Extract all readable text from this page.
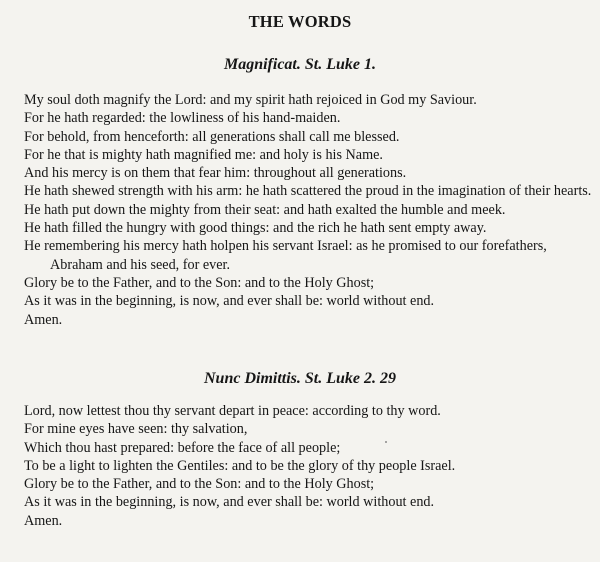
THE WORDS
Magnificat. St. Luke 1.
My soul doth magnify the Lord: and my spirit hath rejoiced in God my Saviour.
For he hath regarded: the lowliness of his hand-maiden.
For behold, from henceforth: all generations shall call me blessed.
For he that is mighty hath magnified me: and holy is his Name.
And his mercy is on them that fear him: throughout all generations.
He hath shewed strength with his arm: he hath scattered the proud in the imagination of their hearts.
He hath put down the mighty from their seat: and hath exalted the humble and meek.
He hath filled the hungry with good things: and the rich he hath sent empty away.
He remembering his mercy hath holpen his servant Israel: as he promised to our forefathers, Abraham and his seed, for ever.
Glory be to the Father, and to the Son: and to the Holy Ghost;
As it was in the beginning, is now, and ever shall be: world without end.
Amen.
Nunc Dimittis. St. Luke 2. 29
Lord, now lettest thou thy servant depart in peace: according to thy word.
For mine eyes have seen: thy salvation,
Which thou hast prepared: before the face of all people;
To be a light to lighten the Gentiles: and to be the glory of thy people Israel.
Glory be to the Father, and to the Son: and to the Holy Ghost;
As it was in the beginning, is now, and ever shall be: world without end.
Amen.
